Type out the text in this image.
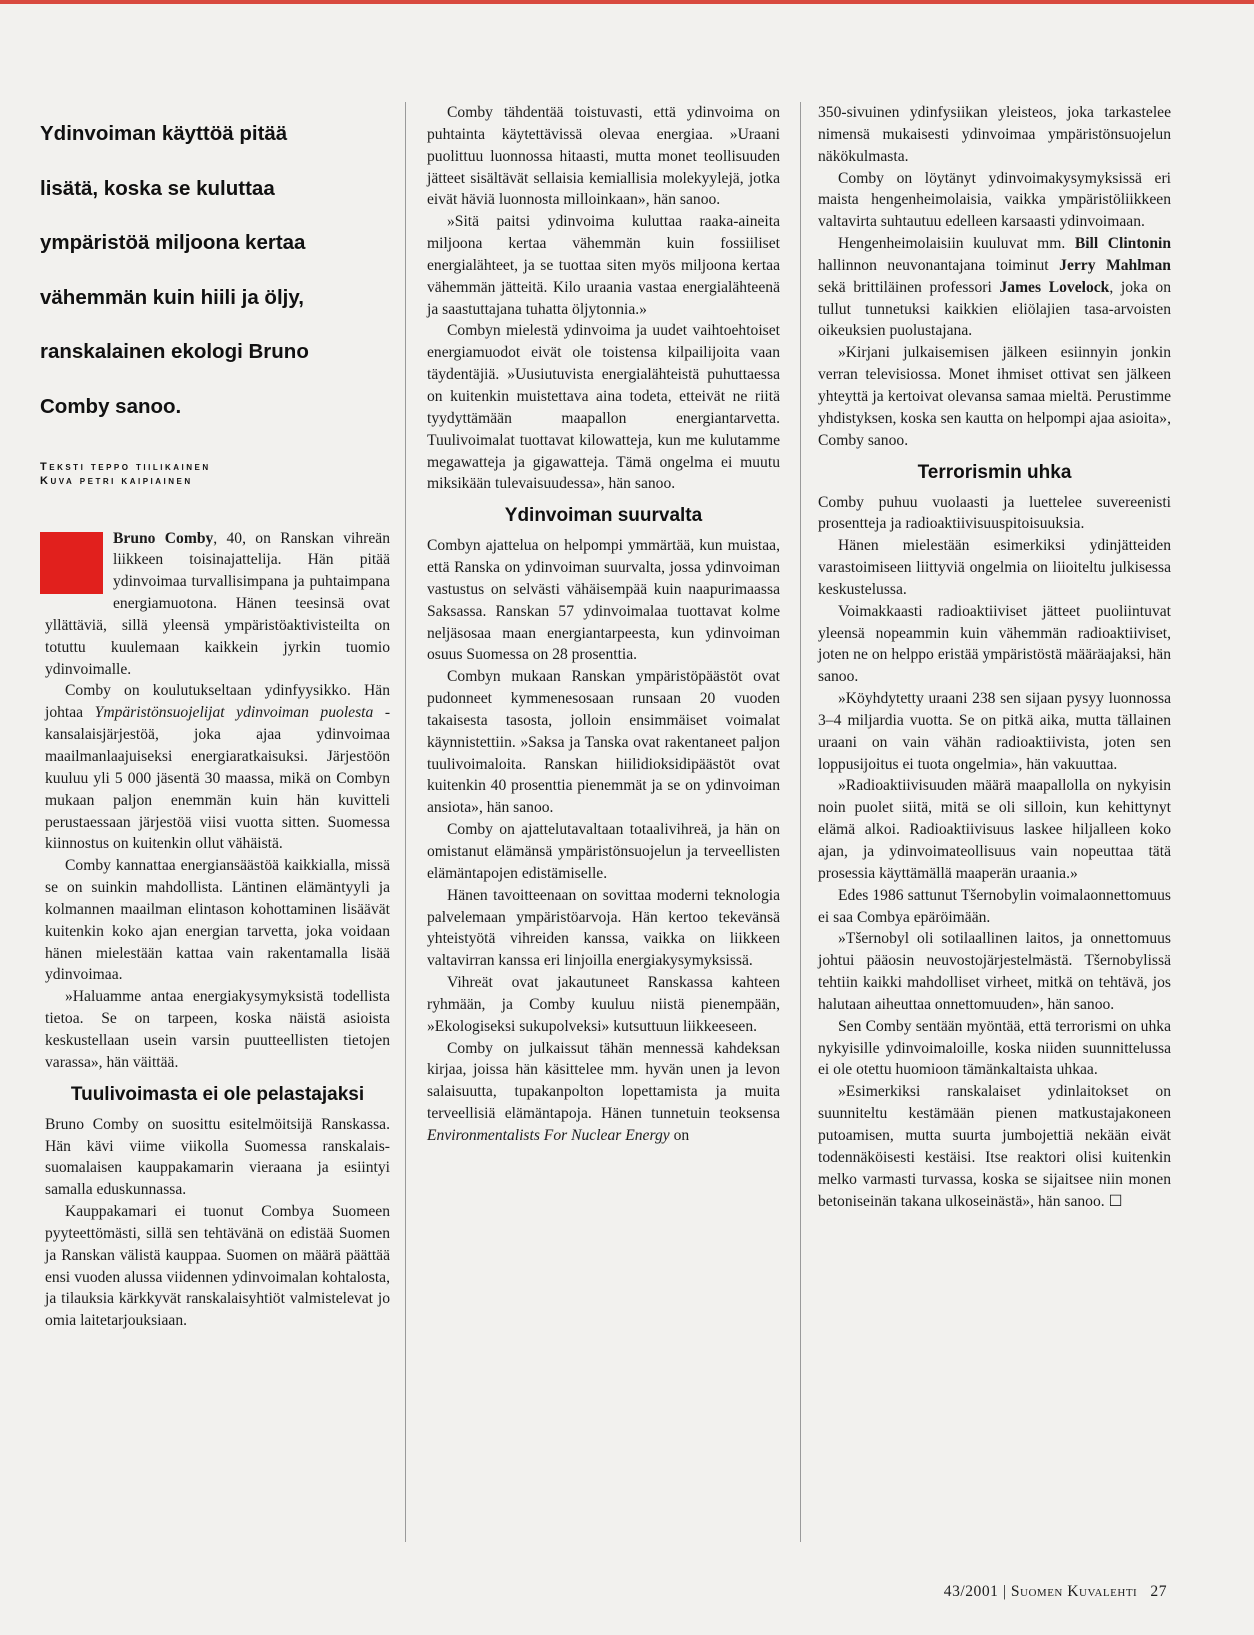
Ydinvoiman käyttöä pitää
lisätä, koska se kuluttaa
ympäristöä miljoona kertaa
vähemmän kuin hiili ja öljy,
ranskalainen ekologi Bruno
Comby sanoo.
Teksti teppo tiilikainen
Kuva petri kaipiainen

Bruno Comby, 40, on Ranskan vihreän liikkeen toisinajattelija. Hän pitää ydinvoimaa turvallisimpana ja puhtaimpana energiamuotona. Hänen teesinsä ovat yllättäviä, sillä yleensä ympäristöaktivisteilta on totuttu kuulemaan kaikkein jyrkin tuomio ydinvoimalle.

Comby on koulutukseltaan ydinfyysikko. Hän johtaa Ympäristönsuojelijat ydinvoiman puolesta -kansalaisjärjestöä, joka ajaa ydinvoimaa maailmanlaajuiseksi energiaratkaisuksi. Järjestöön kuuluu yli 5 000 jäsentä 30 maassa, mikä on Combyn mukaan paljon enemmän kuin hän kuvitteli perustaessaan järjestöä viisi vuotta sitten. Suomessa kiinnostus on kuitenkin ollut vähäistä.

Comby kannattaa energiansäästöä kaikkialla, missä se on suinkin mahdollista. Läntinen elämäntyyli ja kolmannen maailman elintason kohottaminen lisäävät kuitenkin koko ajan energian tarvetta, joka voidaan hänen mielestään kattaa vain rakentamalla lisää ydinvoimaa.

»Haluamme antaa energiakysymyksistä todellista tietoa. Se on tarpeen, koska näistä asioista keskustellaan usein varsin puutteellisten tietojen varassa», hän väittää.

Tuulivoimasta ei ole pelastajaksi

Bruno Comby on suosittu esitelmöitsijä Ranskassa. Hän kävi viime viikolla Suomessa ranskalais-suomalaisen kauppakamarin vieraana ja esiintyi samalla eduskunnassa.

Kauppakamari ei tuonut Combya Suomeen pyyteettömästi, sillä sen tehtävänä on edistää Suomen ja Ranskan välistä kauppaa. Suomen on määrä päättää ensi vuoden alussa viidennen ydinvoimalan kohtalosta, ja tilauksia kärkkyvät ranskalaisyhtiöt valmistelevat jo omia laitetarjouksiaan.

Comby tähdentää toistuvasti, että ydinvoima on puhtainta käytettävissä olevaa energiaa. »Uraani puolittuu luonnossa hitaasti, mutta monet teollisuuden jätteet sisältävät sellaisia kemiallisia molekyylejä, jotka eivät häviä luonnosta milloinkaan», hän sanoo.

»Sitä paitsi ydinvoima kuluttaa raaka-aineita miljoona kertaa vähemmän kuin fossiiliset energialähteet, ja se tuottaa siten myös miljoona kertaa vähemmän jätteitä. Kilo uraania vastaa energialähteenä ja saastuttajana tuhatta öljytonnia.»

Combyn mielestä ydinvoima ja uudet vaihtoehtoiset energiamuodot eivät ole toistensa kilpailijoita vaan täydentäjiä. »Uusiutuvista energialähteistä puhuttaessa on kuitenkin muistettava aina todeta, etteivät ne riitä tyydyttämään maapallon energiantarvetta. Tuulivoimalat tuottavat kilowatteja, kun me kulutamme megawatteja ja gigawatteja. Tämä ongelma ei muutu miksikään tulevaisuudessa», hän sanoo.

Ydinvoiman suurvalta

Combyn ajattelua on helpompi ymmärtää, kun muistaa, että Ranska on ydinvoiman suurvalta, jossa ydinvoiman vastustus on selvästi vähäisempää kuin naapurimaassa Saksassa. Ranskan 57 ydinvoimalaa tuottavat kolme neljäsosaa maan energiantarpeesta, kun ydinvoiman osuus Suomessa on 28 prosenttia.

Combyn mukaan Ranskan ympäristöpäästöt ovat pudonneet kymmenesosaan runsaan 20 vuoden takaisesta tasosta, jolloin ensimmäiset voimalat käynnistettiin. »Saksa ja Tanska ovat rakentaneet paljon tuulivoimaloita. Ranskan hiilidioksidipäästöt ovat kuitenkin 40 prosenttia pienemmät ja se on ydinvoiman ansiota», hän sanoo.

Comby on ajattelutavaltaan totaalivihreä, ja hän on omistanut elämänsä ympäristönsuojelun ja terveellisten elämäntapojen edistämiselle.

Hänen tavoitteenaan on sovittaa moderni teknologia palvelemaan ympäristöarvoja. Hän kertoo tekevänsä yhteistyötä vihreiden kanssa, vaikka on liikkeen valtavirran kanssa eri linjoilla energiakysymyksissä.

Vihreät ovat jakautuneet Ranskassa kahteen ryhmään, ja Comby kuuluu niistä pienempään, »Ekologiseksi sukupolveksi» kutsuttuun liikkeeseen.

Comby on julkaissut tähän mennessä kahdeksan kirjaa, joissa hän käsittelee mm. hyvän unen ja levon salaisuutta, tupakanpolton lopettamista ja muita terveellisiä elämäntapoja. Hänen tunnetuin teoksensa Environmentalists For Nuclear Energy on

350-sivuinen ydinfysiikan yleisteos, joka tarkastelee nimensä mukaisesti ydinvoimaa ympäristönsuojelun näkökulmasta.

Comby on löytänyt ydinvoimakysymyksissä eri maista hengenheimolaisia, vaikka ympäristöliikkeen valtavirta suhtautuu edelleen karsaasti ydinvoimaan.

Hengenheimolaisiin kuuluvat mm. Bill Clintonin hallinnon neuvonantajana toiminut Jerry Mahlman sekä brittiläinen professori James Lovelock, joka on tullut tunnetuksi kaikkien eliölajien tasa-arvoisten oikeuksien puolustajana.

»Kirjani julkaisemisen jälkeen esiinnyin jonkin verran televisiossa. Monet ihmiset ottivat sen jälkeen yhteyttä ja kertoivat olevansa samaa mieltä. Perustimme yhdistyksen, koska sen kautta on helpompi ajaa asioita», Comby sanoo.

Terrorismin uhka

Comby puhuu vuolaasti ja luettelee suvereenisti prosentteja ja radioaktiivisuuspitoisuuksia.

Hänen mielestään esimerkiksi ydinjätteiden varastoimiseen liittyviä ongelmia on liioiteltu julkisessa keskustelussa.

Voimakkaasti radioaktiiviset jätteet puoliintuvat yleensä nopeammin kuin vähemmän radioaktiiviset, joten ne on helppo eristää ympäristöstä määräajaksi, hän sanoo.

»Köyhdytetty uraani 238 sen sijaan pysyy luonnossa 3–4 miljardia vuotta. Se on pitkä aika, mutta tällainen uraani on vain vähän radioaktiivista, joten sen loppusijoitus ei tuota ongelmia», hän vakuuttaa.

»Radioaktiivisuuden määrä maapallolla on nykyisin noin puolet siitä, mitä se oli silloin, kun kehittynyt elämä alkoi. Radioaktiivisuus laskee hiljalleen koko ajan, ja ydinvoimateollisuus vain nopeuttaa tätä prosessia käyttämällä maaperän uraania.»

Edes 1986 sattunut Tšernobylin voimalaonnettomuus ei saa Combya epäröimään.

»Tšernobyl oli sotilaallinen laitos, ja onnettomuus johtui pääosin neuvostojärjestelmästä. Tšernobylissä tehtiin kaikki mahdolliset virheet, mitkä on tehtävä, jos halutaan aiheuttaa onnettomuuden», hän sanoo.

Sen Comby sentään myöntää, että terrorismi on uhka nykyisille ydinvoimaloille, koska niiden suunnittelussa ei ole otettu huomioon tämänkaltaista uhkaa.

»Esimerkiksi ranskalaiset ydinlaitokset on suunniteltu kestämään pienen matkustajakoneen putoamisen, mutta suurta jumbojettiä nekään eivät todennäköisesti kestäisi. Itse reaktori olisi kuitenkin melko varmasti turvassa, koska se sijaitsee niin monen betoniseinän takana ulkoseinästä», hän sanoo. ☐

43/2001 | Suomen Kuvalehti 27
